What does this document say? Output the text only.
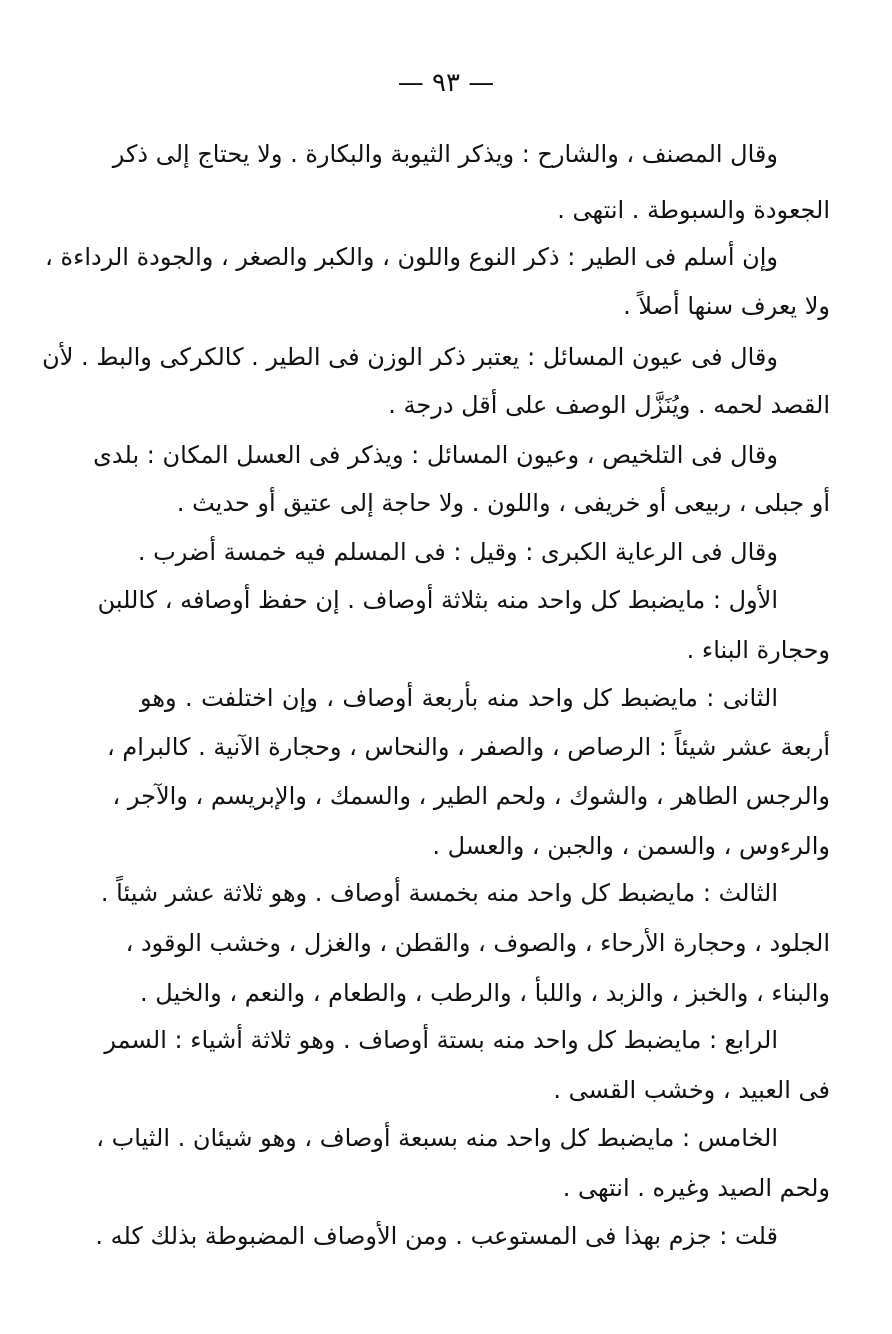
— ٩٣ —
وقال المصنف ، والشارح : ويذكر الثيوبة والبكارة . ولا يحتاج إلى ذكر
الجعودة والسبوطة . انتهى .
وإن أسلم فى الطير : ذكر النوع واللون ، والكبر والصغر ، والجودة الرداءة ،
ولا يعرف سنها أصلاً .
وقال فى عيون المسائل : يعتبر ذكر الوزن فى الطير . كالكركى والبط . لأن
القصد لحمه . ويُنَزَّل الوصف على أقل درجة .
وقال فى التلخيص ، وعيون المسائل : ويذكر فى العسل المكان : بلدى
أو جبلى ، ربيعى أو خريفى ، واللون . ولا حاجة إلى عتيق أو حديث .
وقال فى الرعاية الكبرى : وقيل : فى المسلم فيه خمسة أضرب .
الأول : مايضبط كل واحد منه بثلاثة أوصاف . إن حفظ أوصافه ، كاللبن
وحجارة البناء .
الثانى : مايضبط كل واحد منه بأربعة أوصاف ، وإن اختلفت . وهو
أربعة عشر شيئاً : الرصاص ، والصفر ، والنحاس ، وحجارة الآنية . كالبرام ،
والرجس الطاهر ، والشوك ، ولحم الطير ، والسمك ، والإبريسم ، والآجر ،
والرءوس ، والسمن ، والجبن ، والعسل .
الثالث : مايضبط كل واحد منه بخمسة أوصاف . وهو ثلاثة عشر شيئاً .
الجلود ، وحجارة الأرحاء ، والصوف ، والقطن ، والغزل ، وخشب الوقود ،
والبناء ، والخبز ، والزبد ، واللبأ ، والرطب ، والطعام ، والنعم ، والخيل .
الرابع : مايضبط كل واحد منه بستة أوصاف . وهو ثلاثة أشياء : السمر
فى العبيد ، وخشب القسى .
الخامس : مايضبط كل واحد منه بسبعة أوصاف ، وهو شيئان . الثياب ،
ولحم الصيد وغيره . انتهى .
قلت : جزم بهذا فى المستوعب . ومن الأوصاف المضبوطة بذلك كله .
